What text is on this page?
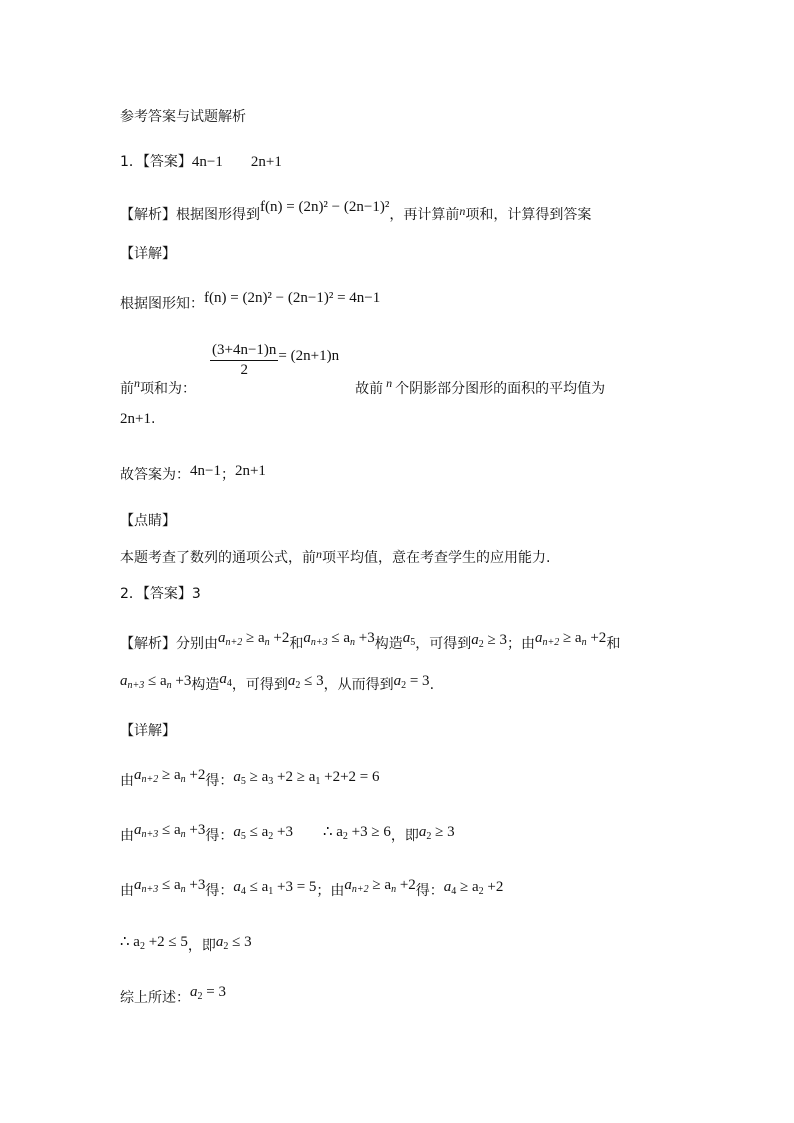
参考答案与试题解析
1．【答案】4n−1 2n+1
【解析】根据图形得到f(n) = (2n)² − (2n−1)²，再计算前n项和，计算得到答案
【详解】
根据图形知：f(n) = (2n)² − (2n−1)² = 4n−1
前n项和为：
$\frac{(3+4n-1)n}{2} = (2n+1)n$故前 n 个阴影部分图形的面积的平均值为
2n+1.
故答案为：4n−1；2n+1
【点睛】
本题考查了数列的通项公式，前n项平均值，意在考查学生的应用能力.
2．【答案】3
【解析】分别由$a_{n+2} \ge a_n +2$和$a_{n+3} \le a_n +3$构造$a_5$，可得到$a_2 \ge 3$；由$a_{n+2} \ge a_n +2$和
$a_{n+3} \le a_n +3$构造$a_4$，可得到$a_2 \le 3$，从而得到$a_2 = 3$.
【详解】
由$a_{n+2} \ge a_n +2$得：$a_5 \ge a_3 +2 \ge a_1 +2+2 = 6$
由$a_{n+3} \le a_n +3$得：$a_5 \le a_2 +3$ ∴ $a_2 +3 \ge 6$，即$a_2 \ge 3$
由$a_{n+3} \le a_n +3$得：$a_4 \le a_1 +3 = 5$；由$a_{n+2} \ge a_n +2$得：$a_4 \ge a_2 +2$
∴ $a_2 +2 \le 5$，即$a_2 \le 3$
综上所述：$a_2 = 3$
